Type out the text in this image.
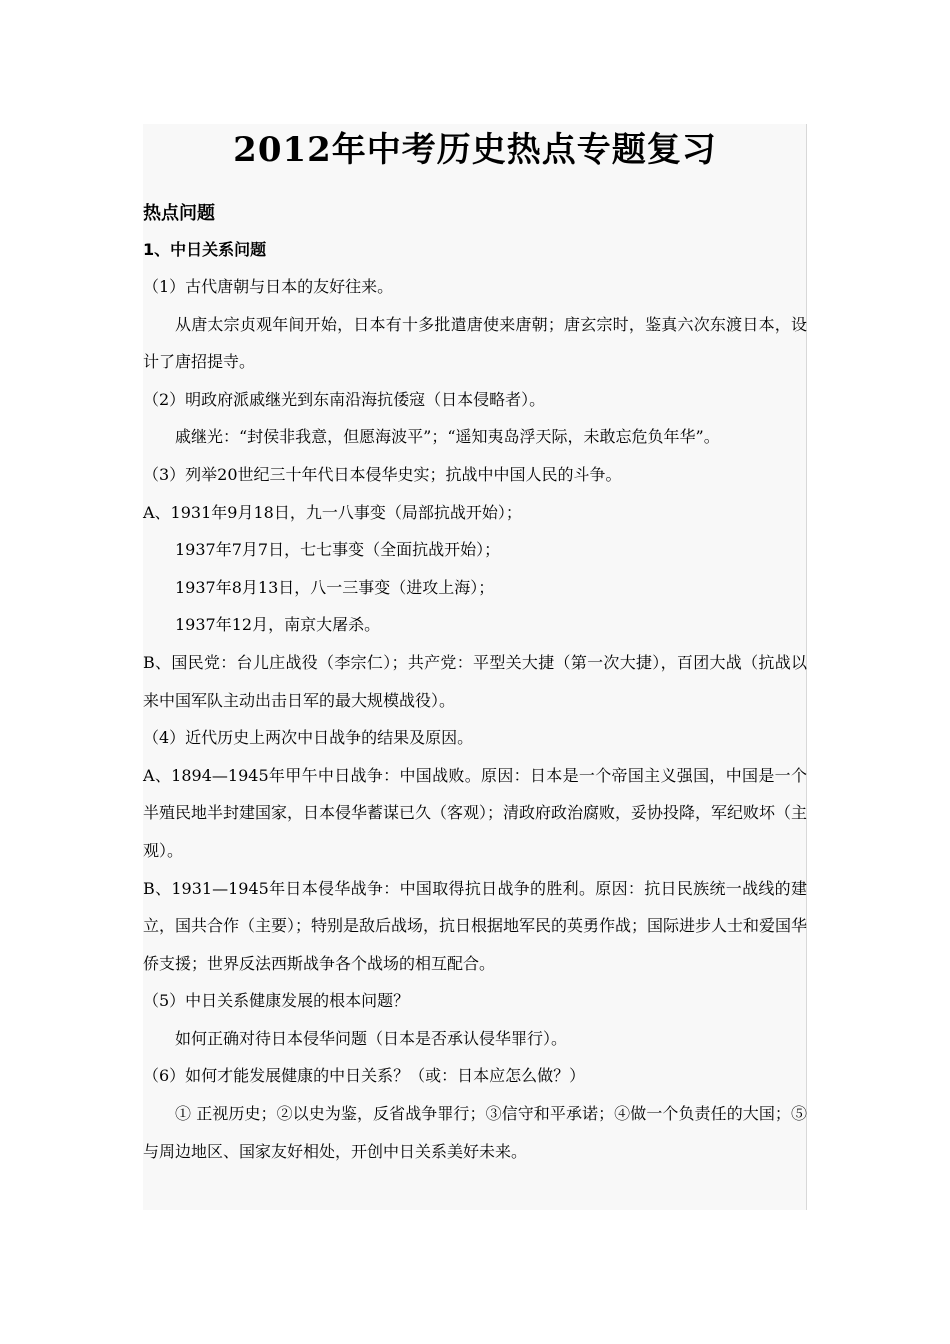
2012年中考历史热点专题复习
热点问题
1、中日关系问题

（1）古代唐朝与日本的友好往来。

从唐太宗贞观年间开始，日本有十多批遣唐使来唐朝；唐玄宗时，鉴真六次东渡日本，设计了唐招提寺。

（2）明政府派戚继光到东南沿海抗倭寇（日本侵略者）。

戚继光：“封侯非我意，但愿海波平”；“遥知夷岛浮天际，未敢忘危负年华”。

（3）列举20世纪三十年代日本侵华史实；抗战中中国人民的斗争。

A、1931年9月18日，九一八事变（局部抗战开始）；

1937年7月7日，七七事变（全面抗战开始）；

1937年8月13日，八一三事变（进攻上海）；

1937年12月，南京大屠杀。

B、国民党：台儿庄战役（李宗仁）；共产党：平型关大捷（第一次大捷），百团大战（抗战以来中国军队主动出击日军的最大规模战役）。

（4）近代历史上两次中日战争的结果及原因。

A、1894—1945年甲午中日战争：中国战败。原因：日本是一个帝国主义强国，中国是一个半殖民地半封建国家，日本侵华蓄谋已久（客观）；清政府政治腐败，妥协投降，军纪败坏（主观）。

B、1931—1945年日本侵华战争：中国取得抗日战争的胜利。原因：抗日民族统一战线的建立，国共合作（主要）；特别是敌后战场，抗日根据地军民的英勇作战；国际进步人士和爱国华侨支援；世界反法西斯战争各个战场的相互配合。

（5）中日关系健康发展的根本问题？

如何正确对待日本侵华问题（日本是否承认侵华罪行）。

（6）如何才能发展健康的中日关系？（或：日本应怎么做？）

① 正视历史；②以史为鉴，反省战争罪行；③信守和平承诺；④做一个负责任的大国；⑤与周边地区、国家友好相处，开创中日关系美好未来。
